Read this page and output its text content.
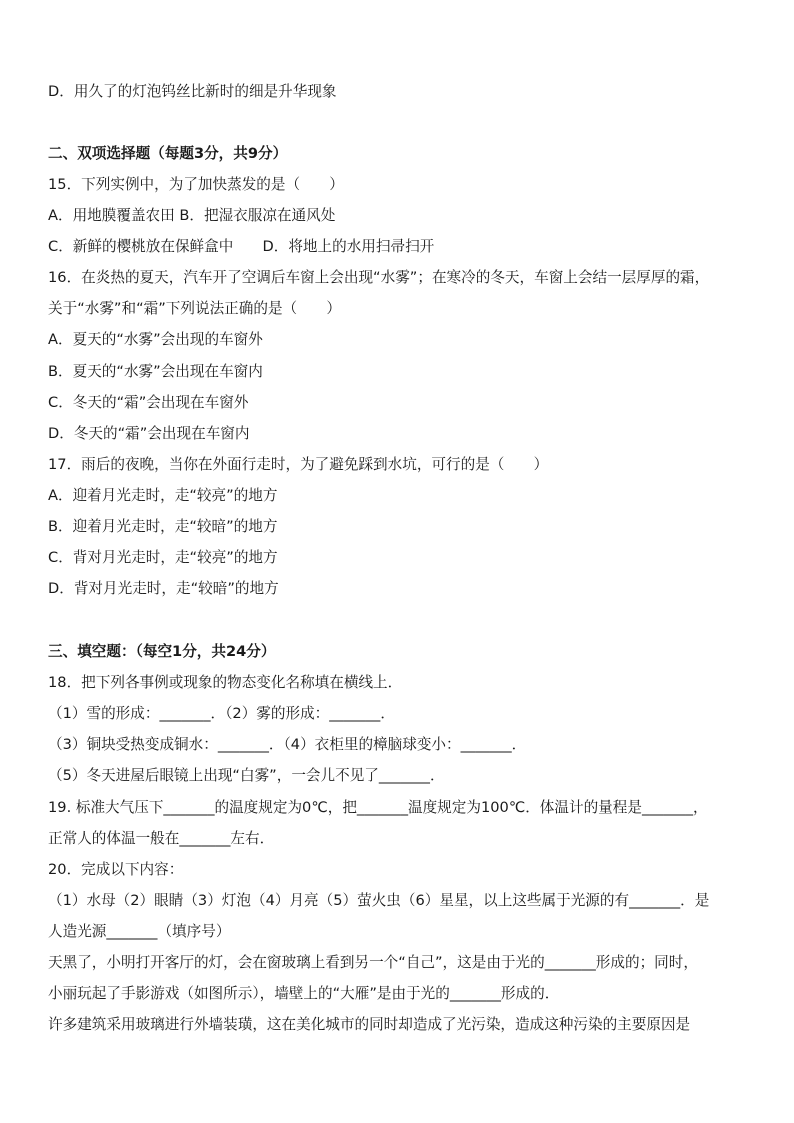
D．用久了的灯泡钨丝比新时的细是升华现象
二、双项选择题（每题3分，共9分）
15．下列实例中，为了加快蒸发的是（　　）
A．用地膜覆盖农田 B．把湿衣服凉在通风处
C．新鲜的樱桃放在保鲜盒中　　D．将地上的水用扫帚扫开
16．在炎热的夏天，汽车开了空调后车窗上会出现“水雾”；在寒冷的冬天，车窗上会结一层厚厚的霜，
关于“水雾”和“霜”下列说法正确的是（　　）
A．夏天的“水雾”会出现的车窗外
B．夏天的“水雾”会出现在车窗内
C．冬天的“霜”会出现在车窗外
D．冬天的“霜”会出现在车窗内
17．雨后的夜晚，当你在外面行走时，为了避免踩到水坑，可行的是（　　）
A．迎着月光走时，走“较亮”的地方
B．迎着月光走时，走“较暗”的地方
C．背对月光走时，走“较亮”的地方
D．背对月光走时，走“较暗”的地方
三、填空题：（每空1分，共24分）
18．把下列各事例或现象的物态变化名称填在横线上．
（1）雪的形成：_______．（2）雾的形成：_______．
（3）铜块受热变成铜水：_______．（4）衣柜里的樟脑球变小：_______．
（5）冬天进屋后眼镜上出现“白雾”，一会儿不见了_______．
19. 标准大气压下_______的温度规定为0℃，把_______温度规定为100℃．体温计的量程是_______，
正常人的体温一般在_______左右．
20．完成以下内容：
（1）水母（2）眼睛（3）灯泡（4）月亮（5）萤火虫（6）星星，以上这些属于光源的有_______．是
人造光源_______（填序号）
天黑了，小明打开客厅的灯，会在窗玻璃上看到另一个“自己”，这是由于光的_______形成的；同时，
小丽玩起了手影游戏（如图所示），墙壁上的“大雁”是由于光的_______形成的．
许多建筑采用玻璃进行外墙装璜，这在美化城市的同时却造成了光污染，造成这种污染的主要原因是
